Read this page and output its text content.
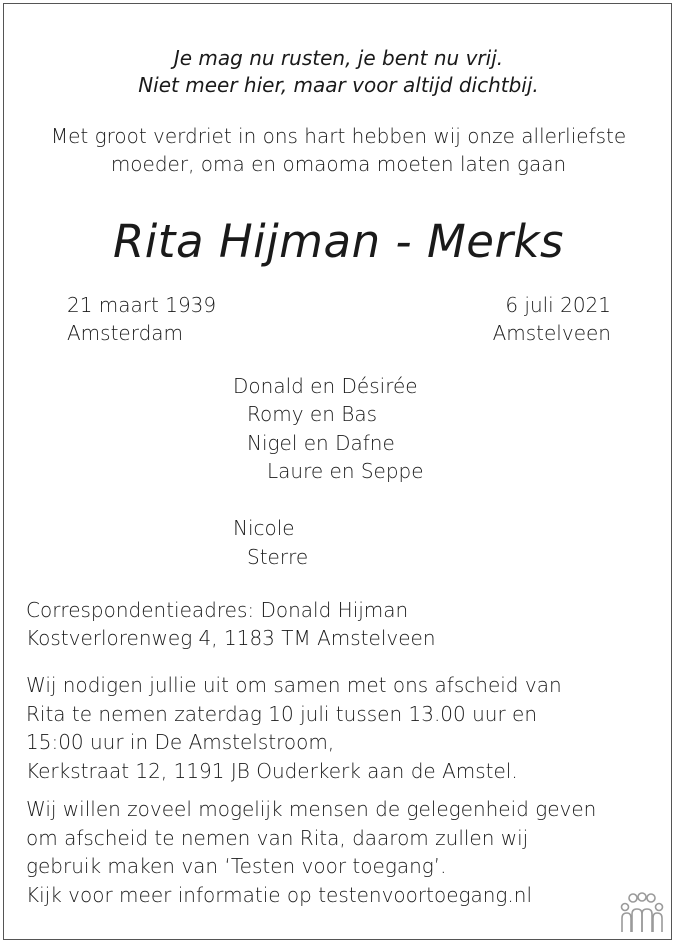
Je mag nu rusten, je bent nu vrij.
Niet meer hier, maar voor altijd dichtbij.
Met groot verdriet in ons hart hebben wij onze allerliefste
moeder, oma en omaoma moeten laten gaan
Rita Hijman - Merks
21 maart 1939
Amsterdam
6 juli 2021
Amstelveen
Donald en Désirée
Romy en Bas
Nigel en Dafne
Laure en Seppe
Nicole
Sterre
Correspondentieadres: Donald Hijman
Kostverlorenweg 4, 1183 TM Amstelveen
Wij nodigen jullie uit om samen met ons afscheid van
Rita te nemen zaterdag 10 juli tussen 13.00 uur en
15:00 uur in De Amstelstroom,
Kerkstraat 12, 1191 JB Ouderkerk aan de Amstel.
Wij willen zoveel mogelijk mensen de gelegenheid geven
om afscheid te nemen van Rita, daarom zullen wij
gebruik maken van ‘Testen voor toegang’.
Kijk voor meer informatie op testenvoortoegang.nl
